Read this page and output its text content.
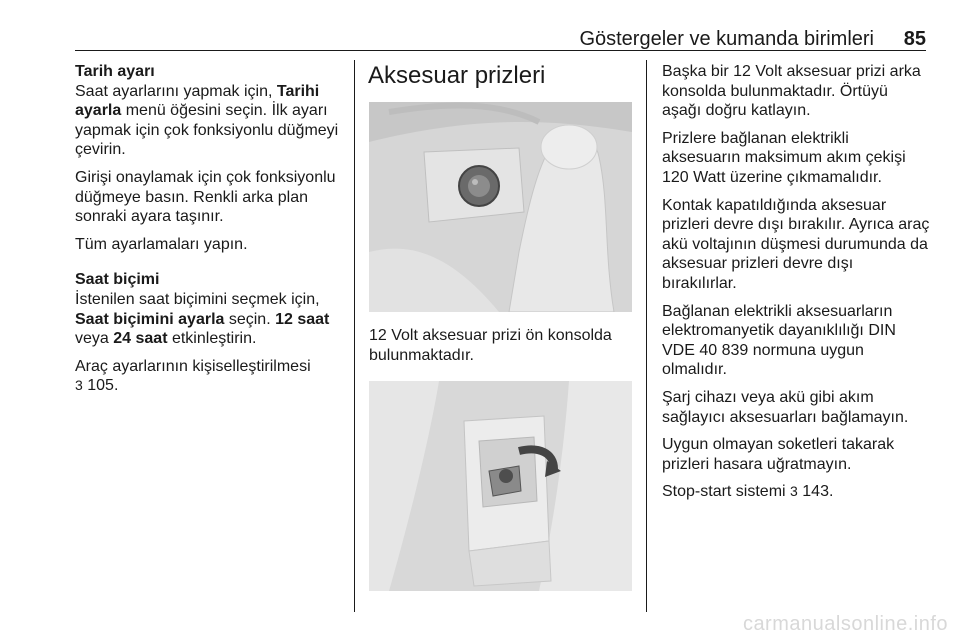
Göstergeler ve kumanda birimleri 85

Tarih ayarı

Saat ayarlarını yapmak için, Tarihi ayarla menü öğesini seçin. İlk ayarı yapmak için çok fonksiyonlu düğmeyi çevirin.

Girişi onaylamak için çok fonksiyonlu düğmeye basın. Renkli arka plan sonraki ayara taşınır.

Tüm ayarlamaları yapın.

Saat biçimi

İstenilen saat biçimini seçmek için, Saat biçimini ayarla seçin. 12 saat veya 24 saat etkinleştirin.

Araç ayarlarının kişiselleştirilmesi
3 105.

Aksesuar prizleri

12 Volt aksesuar prizi ön konsolda bulunmaktadır.

Başka bir 12 Volt aksesuar prizi arka konsolda bulunmaktadır. Örtüyü aşağı doğru katlayın.

Prizlere bağlanan elektrikli aksesuarın maksimum akım çekişi 120 Watt üzerine çıkmamalıdır.

Kontak kapatıldığında aksesuar prizleri devre dışı bırakılır. Ayrıca araç akü voltajının düşmesi durumunda da aksesuar prizleri devre dışı bırakılırlar.

Bağlanan elektrikli aksesuarların elektromanyetik dayanıklılığı DIN VDE 40 839 normuna uygun olmalıdır.

Şarj cihazı veya akü gibi akım sağlayıcı aksesuarları bağlamayın.

Uygun olmayan soketleri takarak prizleri hasara uğratmayın.

Stop-start sistemi 3 143.

carmanualsonline.info
